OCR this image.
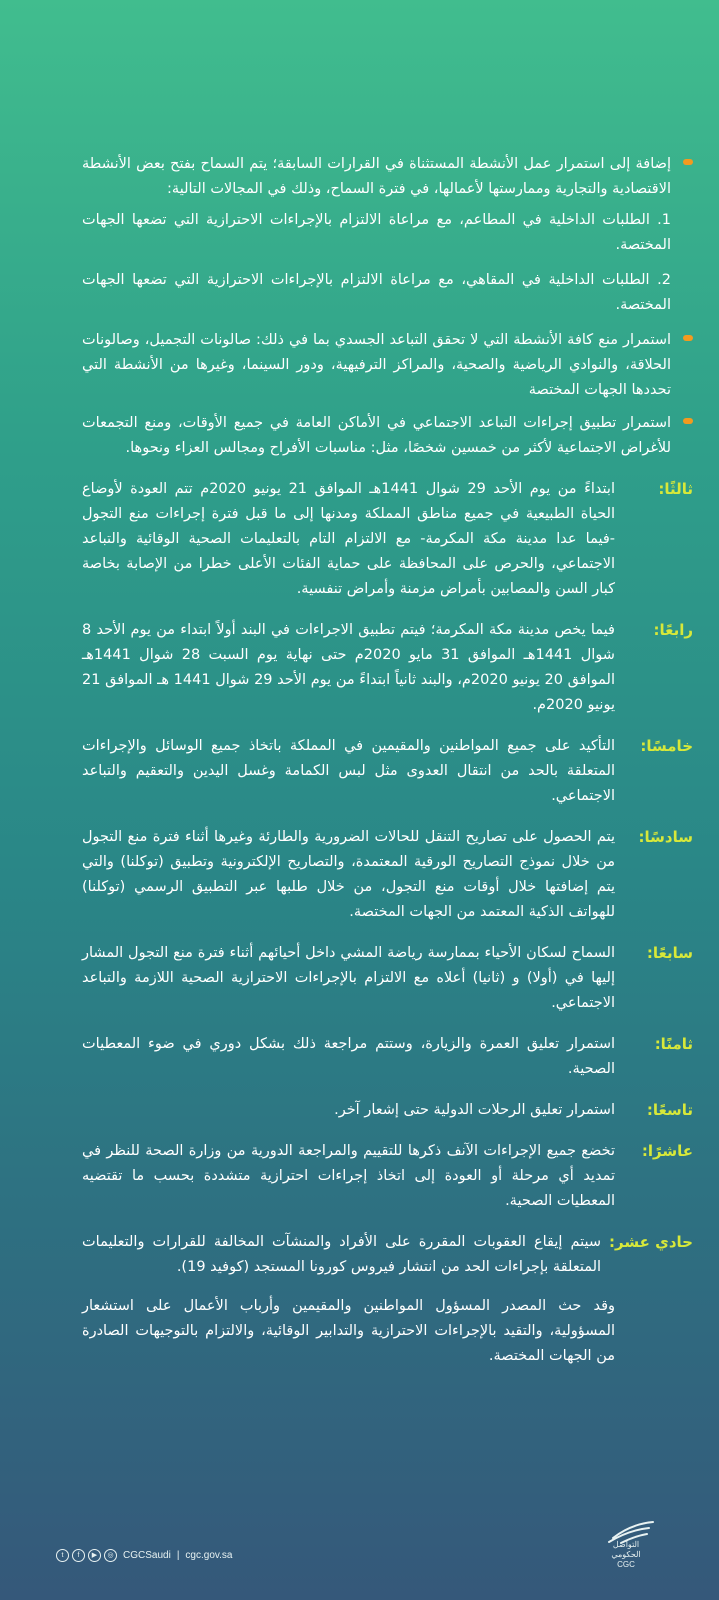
إضافة إلى استمرار عمل الأنشطة المستثناة في القرارات السابقة؛ يتم السماح بفتح بعض الأنشطة الاقتصادية والتجارية وممارستها لأعمالها، في فترة السماح، وذلك في المجالات التالية:

1. الطلبات الداخلية في المطاعم، مع مراعاة الالتزام بالإجراءات الاحترازية التي تضعها الجهات المختصة.

2. الطلبات الداخلية في المقاهي، مع مراعاة الالتزام بالإجراءات الاحترازية التي تضعها الجهات المختصة.

استمرار منع كافة الأنشطة التي لا تحقق التباعد الجسدي بما في ذلك: صالونات التجميل، وصالونات الحلاقة، والنوادي الرياضية والصحية، والمراكز الترفيهية، ودور السينما، وغيرها من الأنشطة التي تحددها الجهات المختصة

استمرار تطبيق إجراءات التباعد الاجتماعي في الأماكن العامة في جميع الأوقات، ومنع التجمعات للأغراض الاجتماعية لأكثر من خمسين شخصًا، مثل: مناسبات الأفراح ومجالس العزاء ونحوها.

ثالثًا:
ابتداءً من يوم الأحد 29 شوال 1441هـ الموافق 21 يونيو 2020م تتم العودة لأوضاع الحياة الطبيعية في جميع مناطق المملكة ومدنها إلى ما قبل فترة إجراءات منع التجول -فيما عدا مدينة مكة المكرمة- مع الالتزام التام بالتعليمات الصحية الوقائية والتباعد الاجتماعي، والحرص على المحافظة على حماية الفئات الأعلى خطرا من الإصابة بخاصة كبار السن والمصابين بأمراض مزمنة وأمراض تنفسية.
رابعًا:
فيما يخص مدينة مكة المكرمة؛ فيتم تطبيق الاجراءات في البند أولاً ابتداء من يوم الأحد 8 شوال 1441هـ الموافق 31 مايو 2020م حتى نهاية يوم السبت 28 شوال 1441هـ الموافق 20 يونيو 2020م، والبند ثانياً ابتداءً من يوم الأحد 29 شوال 1441 هـ الموافق 21 يونيو 2020م.
خامسًا:
التأكيد على جميع المواطنين والمقيمين في المملكة باتخاذ جميع الوسائل والإجراءات المتعلقة بالحد من انتقال العدوى مثل لبس الكمامة وغسل اليدين والتعقيم والتباعد الاجتماعي.
سادسًا:
يتم الحصول على تصاريح التنقل للحالات الضرورية والطارئة وغيرها أثناء فترة منع التجول من خلال نموذج التصاريح الورقية المعتمدة، والتصاريح الإلكترونية وتطبيق (توكلنا) والتي يتم إضافتها خلال أوقات منع التجول، من خلال طلبها عبر التطبيق الرسمي (توكلنا) للهواتف الذكية المعتمد من الجهات المختصة.
سابعًا:
السماح لسكان الأحياء بممارسة رياضة المشي داخل أحيائهم أثناء فترة منع التجول المشار إليها في (أولا) و (ثانيا) أعلاه مع الالتزام بالإجراءات الاحترازية الصحية اللازمة والتباعد الاجتماعي.
ثامنًا:
استمرار تعليق العمرة والزيارة، وستتم مراجعة ذلك بشكل دوري في ضوء المعطيات الصحية.
تاسعًا:
استمرار تعليق الرحلات الدولية حتى إشعار آخر.
عاشرًا:
تخضع جميع الإجراءات الآنف ذكرها للتقييم والمراجعة الدورية من وزارة الصحة للنظر في تمديد أي مرحلة أو العودة إلى اتخاذ إجراءات احترازية متشددة بحسب ما تقتضيه المعطيات الصحية.
حادي عشر:
سيتم إيقاع العقوبات المقررة على الأفراد والمنشآت المخالفة للقرارات والتعليمات المتعلقة بإجراءات الحد من انتشار فيروس كورونا المستجد (كوفيد 19).
وقد حث المصدر المسؤول المواطنين والمقيمين وأرباب الأعمال على استشعار المسؤولية، والتقيد بالإجراءات الاحترازية والتدابير الوقائية، والالتزام بالتوجيهات الصادرة من الجهات المختصة.
t	f	▶	◎ CGCSaudi | cgc.gov.sa
التواصل
الحكومي
CGC
